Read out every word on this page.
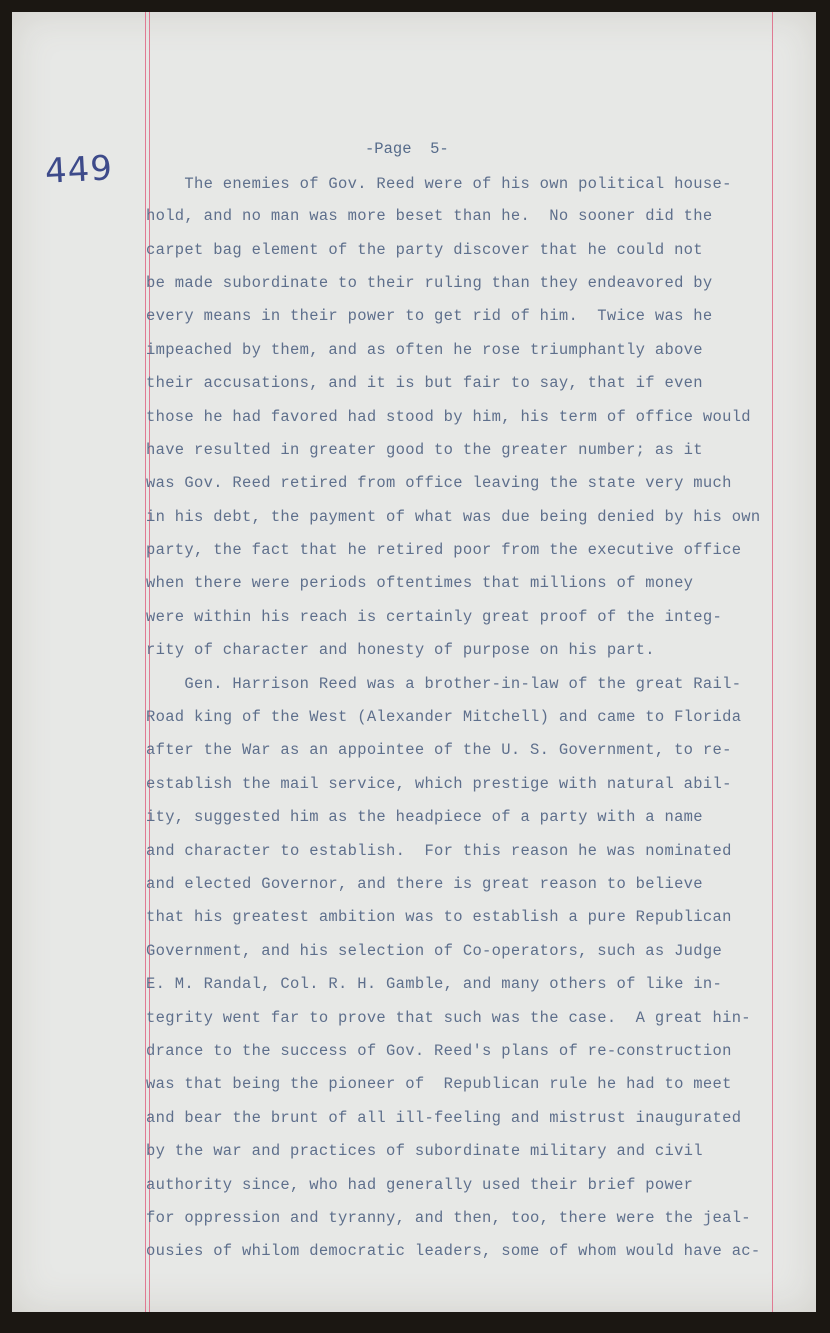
449	-Page  5-
The enemies of Gov. Reed were of his own political house-
hold, and no man was more beset than he.  No sooner did the
carpet bag element of the party discover that he could not
be made subordinate to their ruling than they endeavored by
every means in their power to get rid of him.  Twice was he
impeached by them, and as often he rose triumphantly above
their accusations, and it is but fair to say, that if even
those he had favored had stood by him, his term of office would
have resulted in greater good to the greater number; as it
was Gov. Reed retired from office leaving the state very much
in his debt, the payment of what was due being denied by his own
party, the fact that he retired poor from the executive office
when there were periods oftentimes that millions of money
were within his reach is certainly great proof of the integ-
rity of character and honesty of purpose on his part.
Gen. Harrison Reed was a brother-in-law of the great Rail-
Road king of the West (Alexander Mitchell) and came to Florida
after the War as an appointee of the U. S. Government, to re-
establish the mail service, which prestige with natural abil-
ity, suggested him as the headpiece of a party with a name
and character to establish.  For this reason he was nominated
and elected Governor, and there is great reason to believe
that his greatest ambition was to establish a pure Republican
Government, and his selection of Co-operators, such as Judge
E. M. Randal, Col. R. H. Gamble, and many others of like in-
tegrity went far to prove that such was the case.  A great hin-
drance to the success of Gov. Reed's plans of re-construction
was that being the pioneer of  Republican rule he had to meet
and bear the brunt of all ill-feeling and mistrust inaugurated
by the war and practices of subordinate military and civil
authority since, who had generally used their brief power
for oppression and tyranny, and then, too, there were the jeal-
ousies of whilom democratic leaders, some of whom would have ac-
